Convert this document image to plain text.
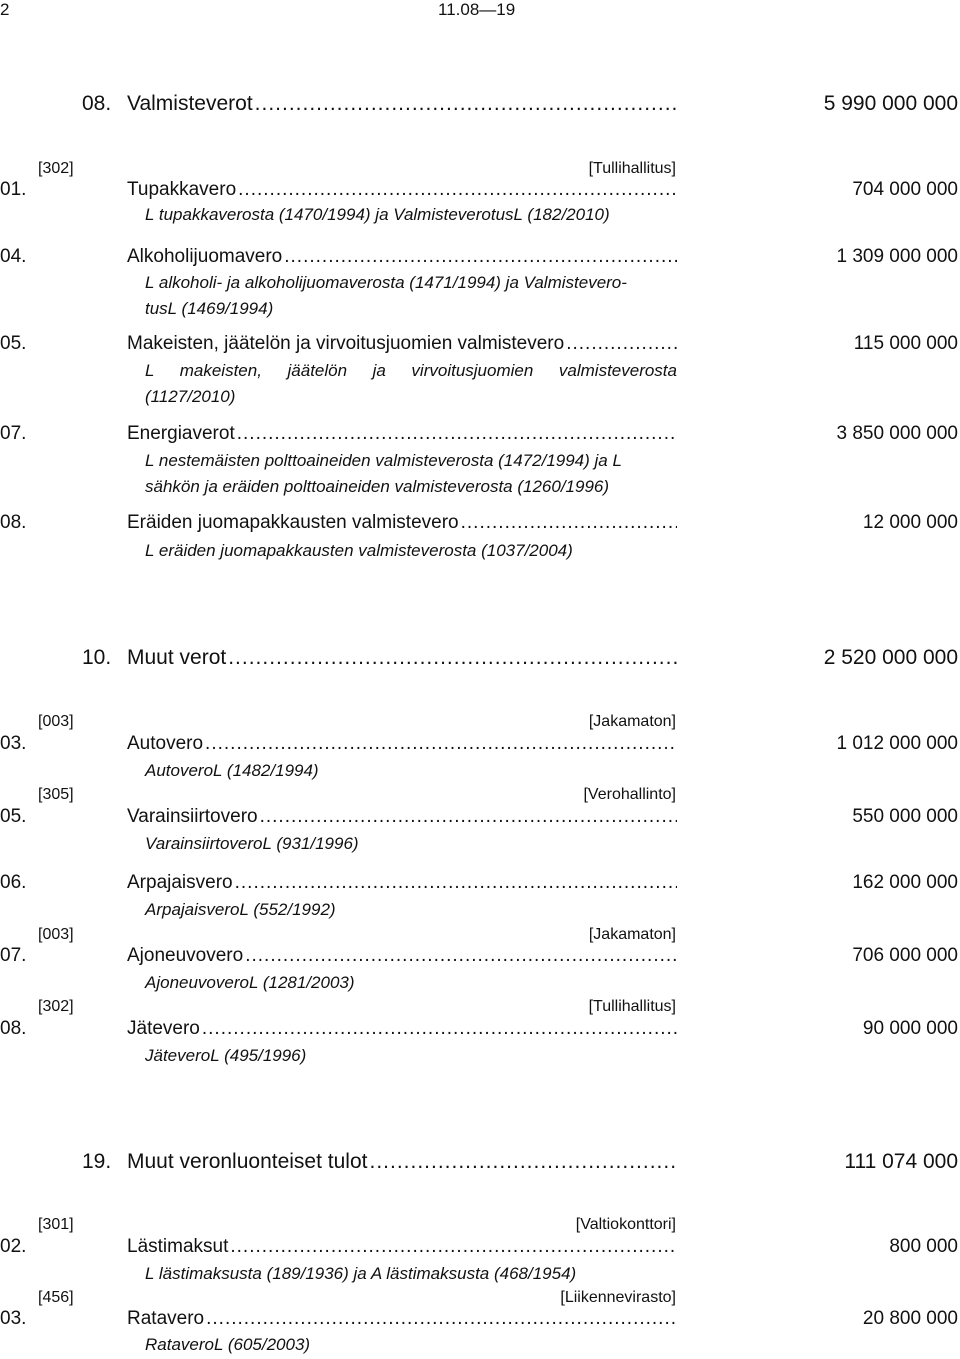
2	11.08—19
08. Valmisteverot .....	5 990 000 000
[302]	[Tullihallitus]
01.	Tupakkavero .....	704 000 000
L tupakkaverosta (1470/1994) ja ValmisteverotusL (182/2010)
04.	Alkoholijuomavero .....	1 309 000 000
L alkoholi- ja alkoholijuomaverosta (1471/1994) ja Valmistevero-
tusL (1469/1994)
05.	Makeisten, jäätelön ja virvoitusjuomien valmistevero .....	115 000 000
L makeisten, jäätelön ja virvoitusjuomien valmisteverosta
(1127/2010)
07.	Energiaverot .....	3 850 000 000
L nestemäisten polttoaineiden valmisteverosta (1472/1994) ja L
sähkön ja eräiden polttoaineiden valmisteverosta (1260/1996)
08.	Eräiden juomapakkausten valmistevero .....	12 000 000
L eräiden juomapakkausten valmisteverosta (1037/2004)
10. Muut verot .....	2 520 000 000
[003]	[Jakamaton]
03.	Autovero .....	1 012 000 000
AutoveroL (1482/1994)
[305]	[Verohallinto]
05.	Varainsiirtovero .....	550 000 000
VarainsiirtoveroL (931/1996)
06.	Arpajaisvero .....	162 000 000
ArpajaisveroL (552/1992)
[003]	[Jakamaton]
07.	Ajoneuvovero .....	706 000 000
AjoneuvoveroL (1281/2003)
[302]	[Tullihallitus]
08.	Jätevero .....	90 000 000
JäteveroL (495/1996)
19. Muut veronluonteiset tulot .....	111 074 000
[301]	[Valtiokonttori]
02.	Lästimaksut .....	800 000
L lästimaksusta (189/1936) ja A lästimaksusta (468/1954)
[456]	[Liikennevirasto]
03.	Ratavero .....	20 800 000
RataveroL (605/2003)
